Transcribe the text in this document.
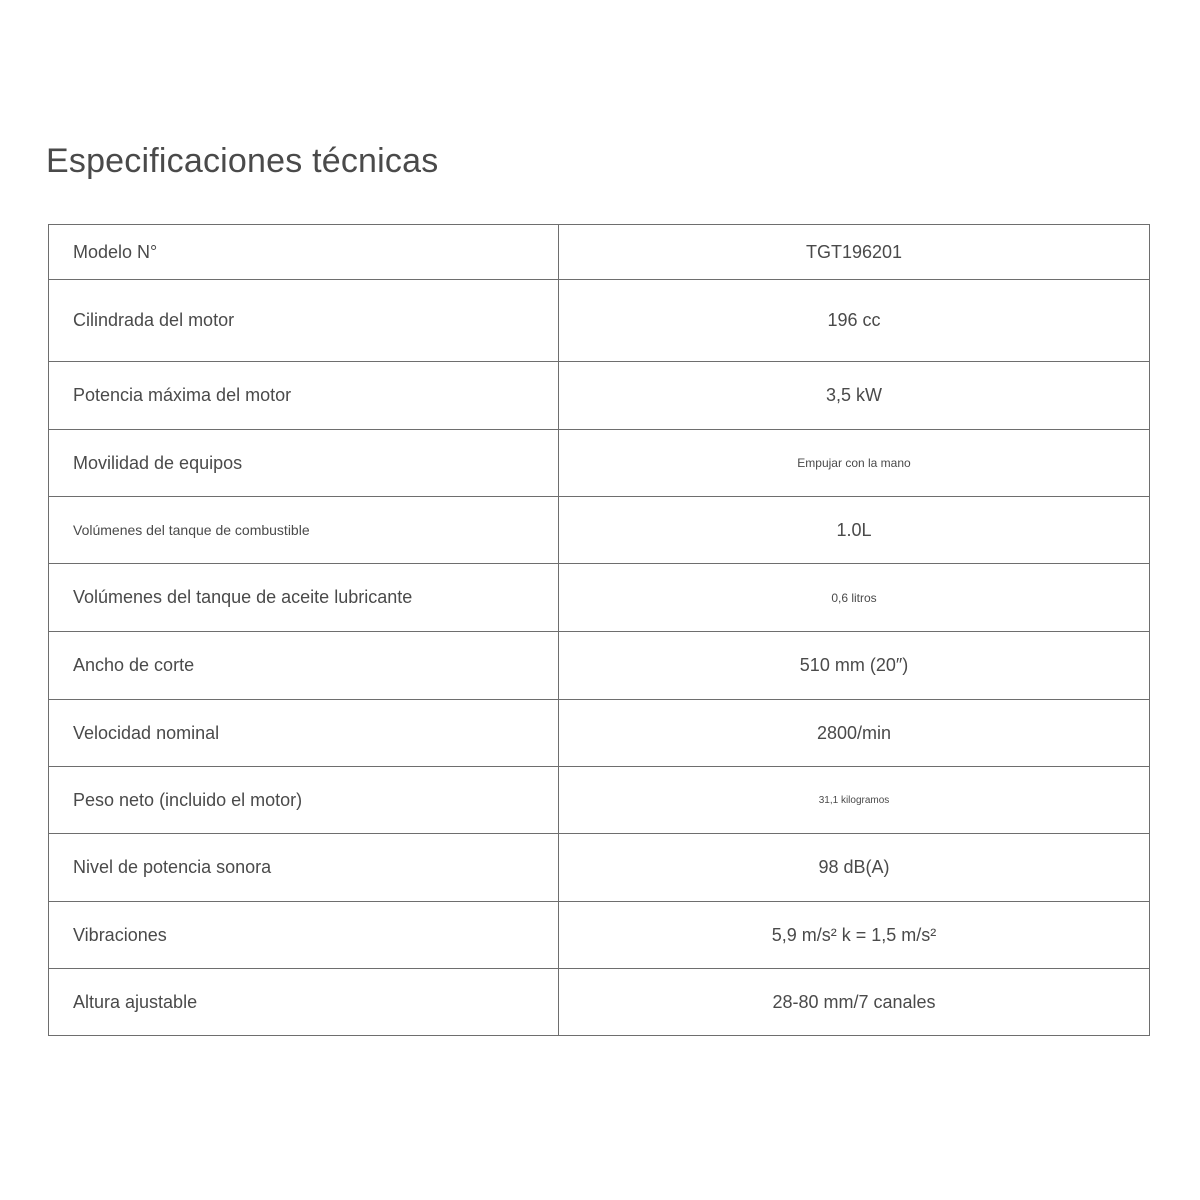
Especificaciones técnicas
Modelo N°	TGT196201
Cilindrada del motor	196 cc
Potencia máxima del motor	3,5 kW
Movilidad de equipos	Empujar con la mano
Volúmenes del tanque de combustible	1.0L
Volúmenes del tanque de aceite lubricante	0,6 litros
Ancho de corte	510 mm (20″)
Velocidad nominal	2800/min
Peso neto (incluido el motor)	31,1 kilogramos
Nivel de potencia sonora	98 dB(A)
Vibraciones	5,9 m/s² k = 1,5 m/s²
Altura ajustable	28-80 mm/7 canales
